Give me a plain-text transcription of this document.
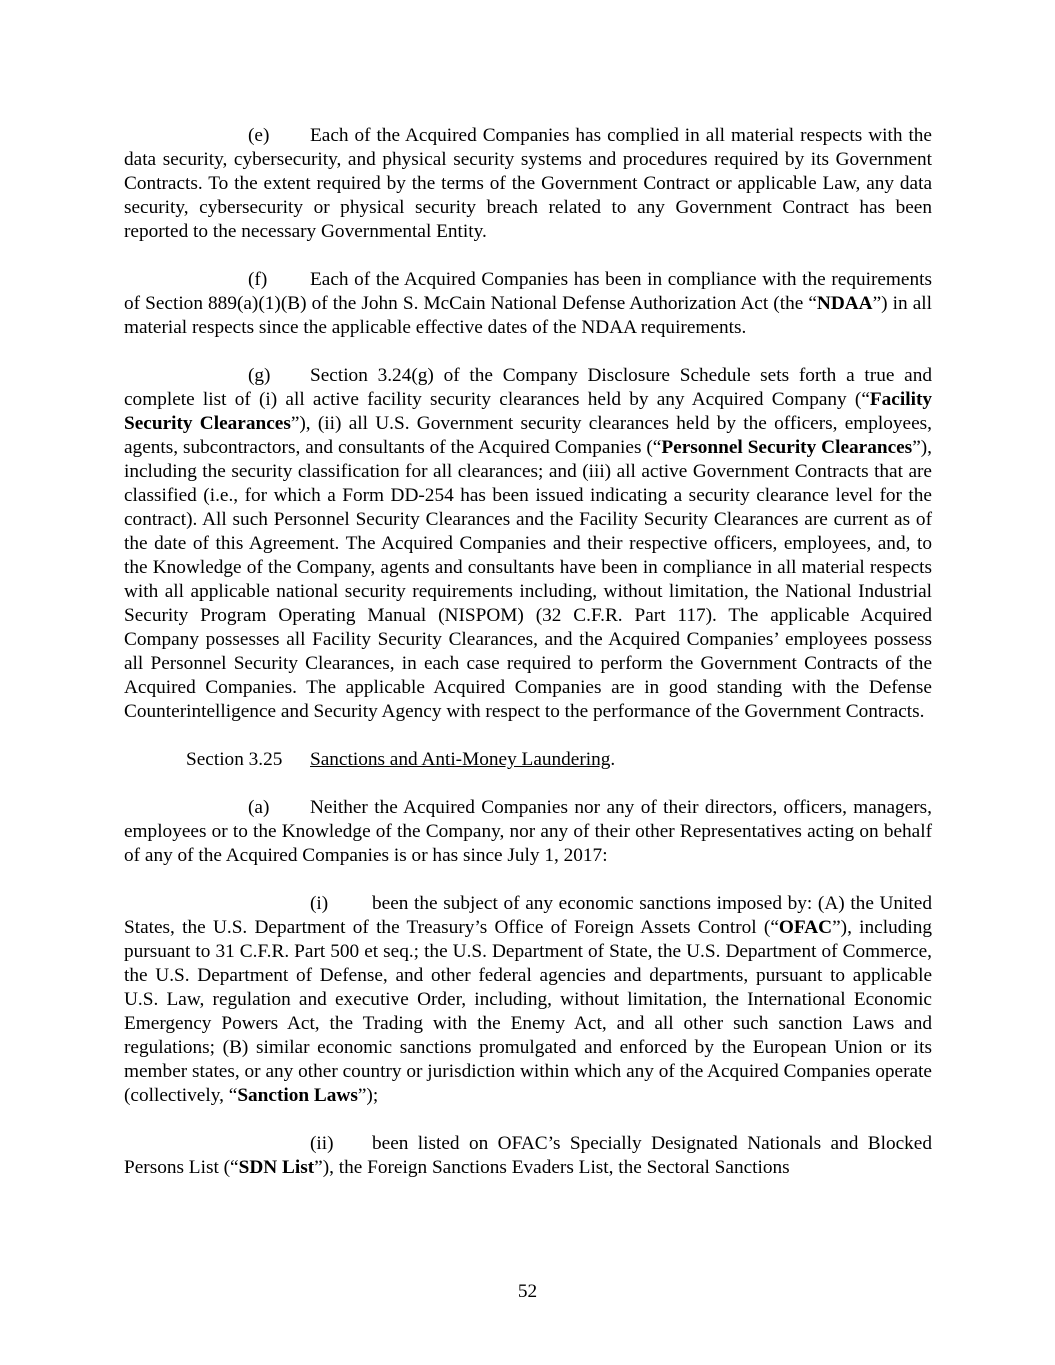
(e) Each of the Acquired Companies has complied in all material respects with the data security, cybersecurity, and physical security systems and procedures required by its Government Contracts. To the extent required by the terms of the Government Contract or applicable Law, any data security, cybersecurity or physical security breach related to any Government Contract has been reported to the necessary Governmental Entity.

(f) Each of the Acquired Companies has been in compliance with the requirements of Section 889(a)(1)(B) of the John S. McCain National Defense Authorization Act (the “NDAA”) in all material respects since the applicable effective dates of the NDAA requirements.

(g) Section 3.24(g) of the Company Disclosure Schedule sets forth a true and complete list of (i) all active facility security clearances held by any Acquired Company (“Facility Security Clearances”), (ii) all U.S. Government security clearances held by the officers, employees, agents, subcontractors, and consultants of the Acquired Companies (“Personnel Security Clearances”), including the security classification for all clearances; and (iii) all active Government Contracts that are classified (i.e., for which a Form DD-254 has been issued indicating a security clearance level for the contract). All such Personnel Security Clearances and the Facility Security Clearances are current as of the date of this Agreement. The Acquired Companies and their respective officers, employees, and, to the Knowledge of the Company, agents and consultants have been in compliance in all material respects with all applicable national security requirements including, without limitation, the National Industrial Security Program Operating Manual (NISPOM) (32 C.F.R. Part 117). The applicable Acquired Company possesses all Facility Security Clearances, and the Acquired Companies’ employees possess all Personnel Security Clearances, in each case required to perform the Government Contracts of the Acquired Companies. The applicable Acquired Companies are in good standing with the Defense Counterintelligence and Security Agency with respect to the performance of the Government Contracts.

Section 3.25 Sanctions and Anti-Money Laundering.

(a) Neither the Acquired Companies nor any of their directors, officers, managers, employees or to the Knowledge of the Company, nor any of their other Representatives acting on behalf of any of the Acquired Companies is or has since July 1, 2017:

(i) been the subject of any economic sanctions imposed by: (A) the United States, the U.S. Department of the Treasury’s Office of Foreign Assets Control (“OFAC”), including pursuant to 31 C.F.R. Part 500 et seq.; the U.S. Department of State, the U.S. Department of Commerce, the U.S. Department of Defense, and other federal agencies and departments, pursuant to applicable U.S. Law, regulation and executive Order, including, without limitation, the International Economic Emergency Powers Act, the Trading with the Enemy Act, and all other such sanction Laws and regulations; (B) similar economic sanctions promulgated and enforced by the European Union or its member states, or any other country or jurisdiction within which any of the Acquired Companies operate (collectively, “Sanction Laws”);

(ii) been listed on OFAC’s Specially Designated Nationals and Blocked Persons List (“SDN List”), the Foreign Sanctions Evaders List, the Sectoral Sanctions

52
